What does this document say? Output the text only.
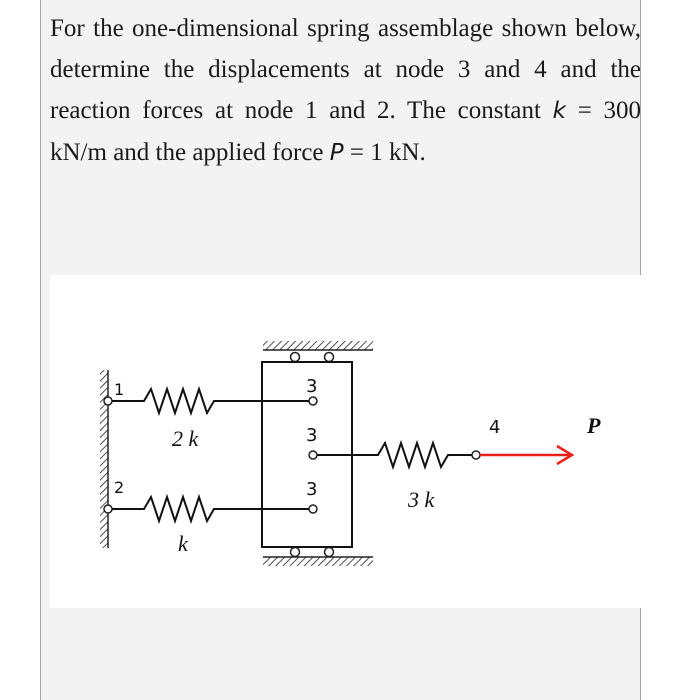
For the one-dimensional spring assemblage shown below, determine the displacements at node 3 and 4 and the reaction forces at node 1 and 2. The constant k = 300 kN/m and the applied force P = 1 kN.

1
2
2 k
k
3
3
3	3 k
4	P
